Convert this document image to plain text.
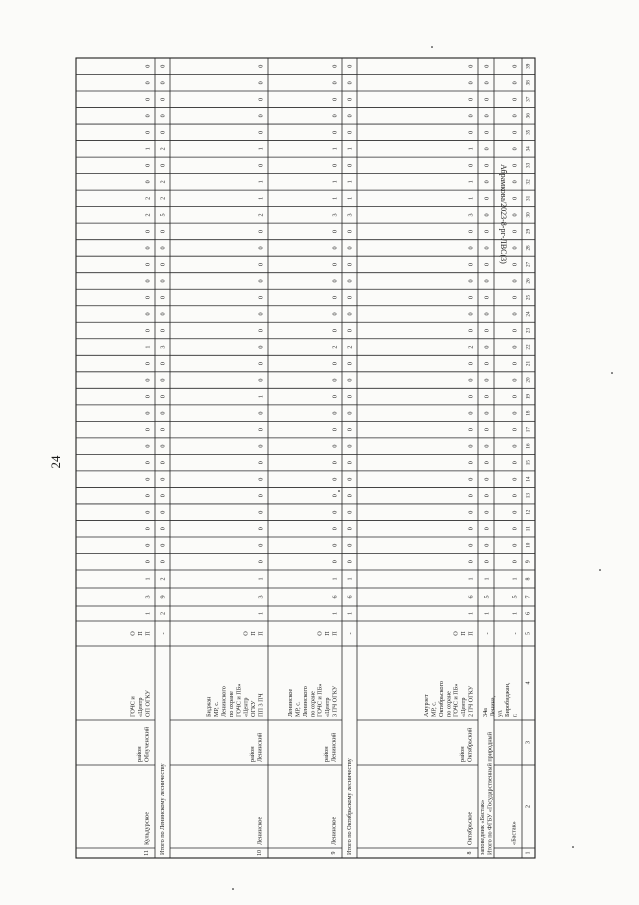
24
Абрамкова/2023-8-рг-ЛВС(3)
1
2
3
4
5
6
7
8
9
10
11
12
13
14
15
16
17
18
19
20
21
22
23
24
25
26
27
28
29
30
31
32
33
34
35
36
37
38
39
«Бастак»
г.
Биробиджан,
ул.
Ленина,
34а
-
1
5
1
0
0
0
0
0
0
0
0
0
0
0
0
0
0
0
0
0
0
0
0
0
0
0
0
0
0
0
0
0
0
0
Итого по ФГБУ «Государственный природный
заповедник «Бастак»
-
1
5
1
0
0
0
0
0
0
0
0
0
0
0
0
0
0
0
0
0
0
0
0
0
0
0
0
0
0
0
0
0
0
0
8
Октябрьское
Октябрьский
район
2 ПЧ ОГКУ
«Центр
ГОЧС и ПБ»
по охране
Октябрьского
МР, с.
Амурзет
П
П
О
1
6
1
0
0
0
0
0
0
0
0
0
0
0
0
0
2
0
0
0
0
0
0
0
3
1
1
0
1
0
0
0
0
0
Итого по Октябрьскому лесничеству
-
1
6
1
0
0
0
0
0
0
0
0
0
0
0
0
0
2
0
0
0
0
0
0
0
3
1
1
0
1
0
0
0
0
0
9
Ленинское
Ленинский
район
3 ПЧ ОГКУ
«Центр
ГОЧС и ПБ»
по охране
Ленинского
МР, с.
Ленинское
П
П
О
1
6
1
0
0
0
0
0
0
0
0
0
0
0
0
0
2
0
0
0
0
0
0
0
3
1
1
0
1
0
0
0
0
0
10
Ленинское
Ленинский
район
ПП 3 ПЧ
ОГКУ
«Центр
ГОЧС и ПБ»
по охране
Ленинского
МР, с.
Биджан
П
П
О
1
3
1
0
0
0
0
0
0
0
0
0
0
1
0
0
0
0
0
0
0
0
0
0
2
1
1
0
1
0
0
0
0
0
Итого по Ленинскому лесничеству
-
2
9
2
0
0
0
0
0
0
0
0
0
0
0
0
0
3
0
0
0
0
0
0
0
5
2
2
0
2
0
0
0
0
0
11
Кульдурское
Облученский
район
ОП ОГКУ
«Центр
ГОЧС и
П
П
О
1
3
1
0
0
0
0
0
0
0
0
0
0
0
0
0
1
0
0
0
0
0
0
0
2
2
0
0
1
0
0
0
0
0
